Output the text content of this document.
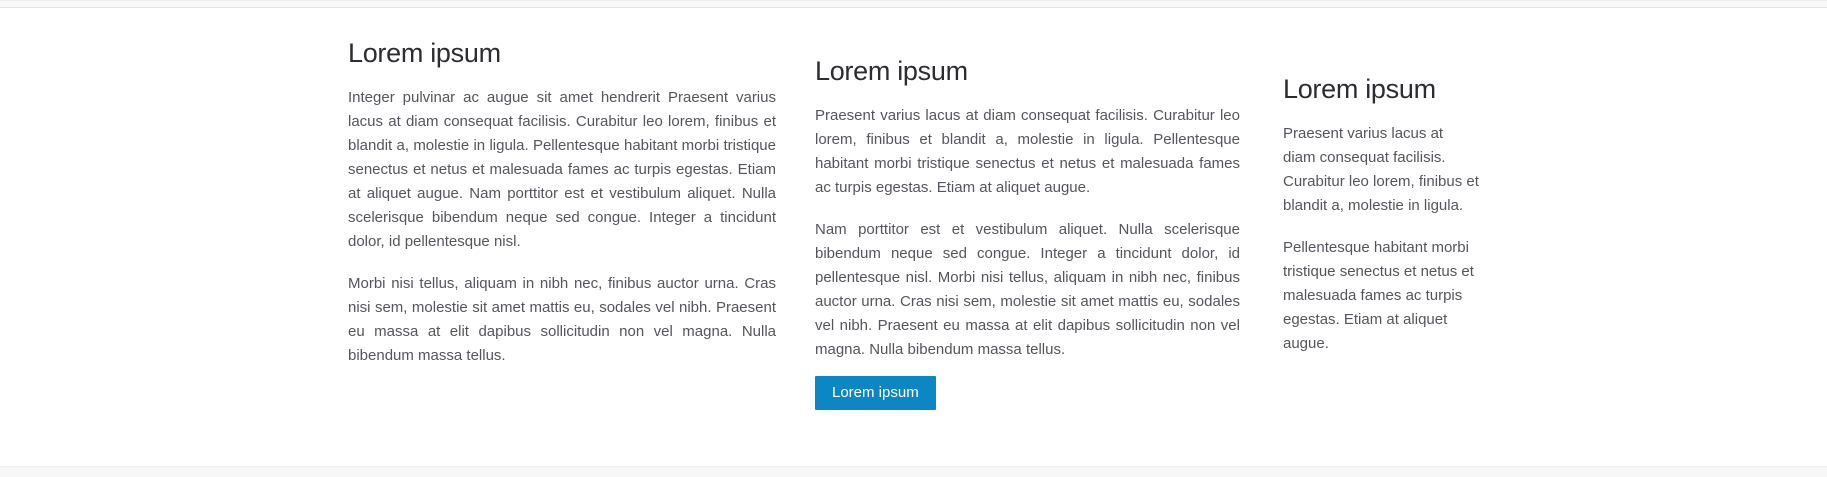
Lorem ipsum

Integer pulvinar ac augue sit amet hendrerit Praesent varius lacus at diam consequat facilisis. Curabitur leo lorem, finibus et blandit a, molestie in ligula. Pellentesque habitant morbi tristique senectus et netus et malesuada fames ac turpis egestas. Etiam at aliquet augue. Nam porttitor est et vestibulum aliquet. Nulla scelerisque bibendum neque sed congue. Integer a tincidunt dolor, id pellentesque nisl.

Morbi nisi tellus, aliquam in nibh nec, finibus auctor urna. Cras nisi sem, molestie sit amet mattis eu, sodales vel nibh. Praesent eu massa at elit dapibus sollicitudin non vel magna. Nulla bibendum massa tellus.

Lorem ipsum

Praesent varius lacus at diam consequat facilisis. Curabitur leo lorem, finibus et blandit a, molestie in ligula. Pellentesque habitant morbi tristique senectus et netus et malesuada fames ac turpis egestas. Etiam at aliquet augue.

Nam porttitor est et vestibulum aliquet. Nulla scelerisque bibendum neque sed congue. Integer a tincidunt dolor, id pellentesque nisl. Morbi nisi tellus, aliquam in nibh nec, finibus auctor urna. Cras nisi sem, molestie sit amet mattis eu, sodales vel nibh. Praesent eu massa at elit dapibus sollicitudin non vel magna. Nulla bibendum massa tellus.

Lorem ipsum
Lorem ipsum

Praesent varius lacus at diam consequat facilisis. Curabitur leo lorem, finibus et blandit a, molestie in ligula.

Pellentesque habitant morbi tristique senectus et netus et malesuada fames ac turpis egestas. Etiam at aliquet augue.
